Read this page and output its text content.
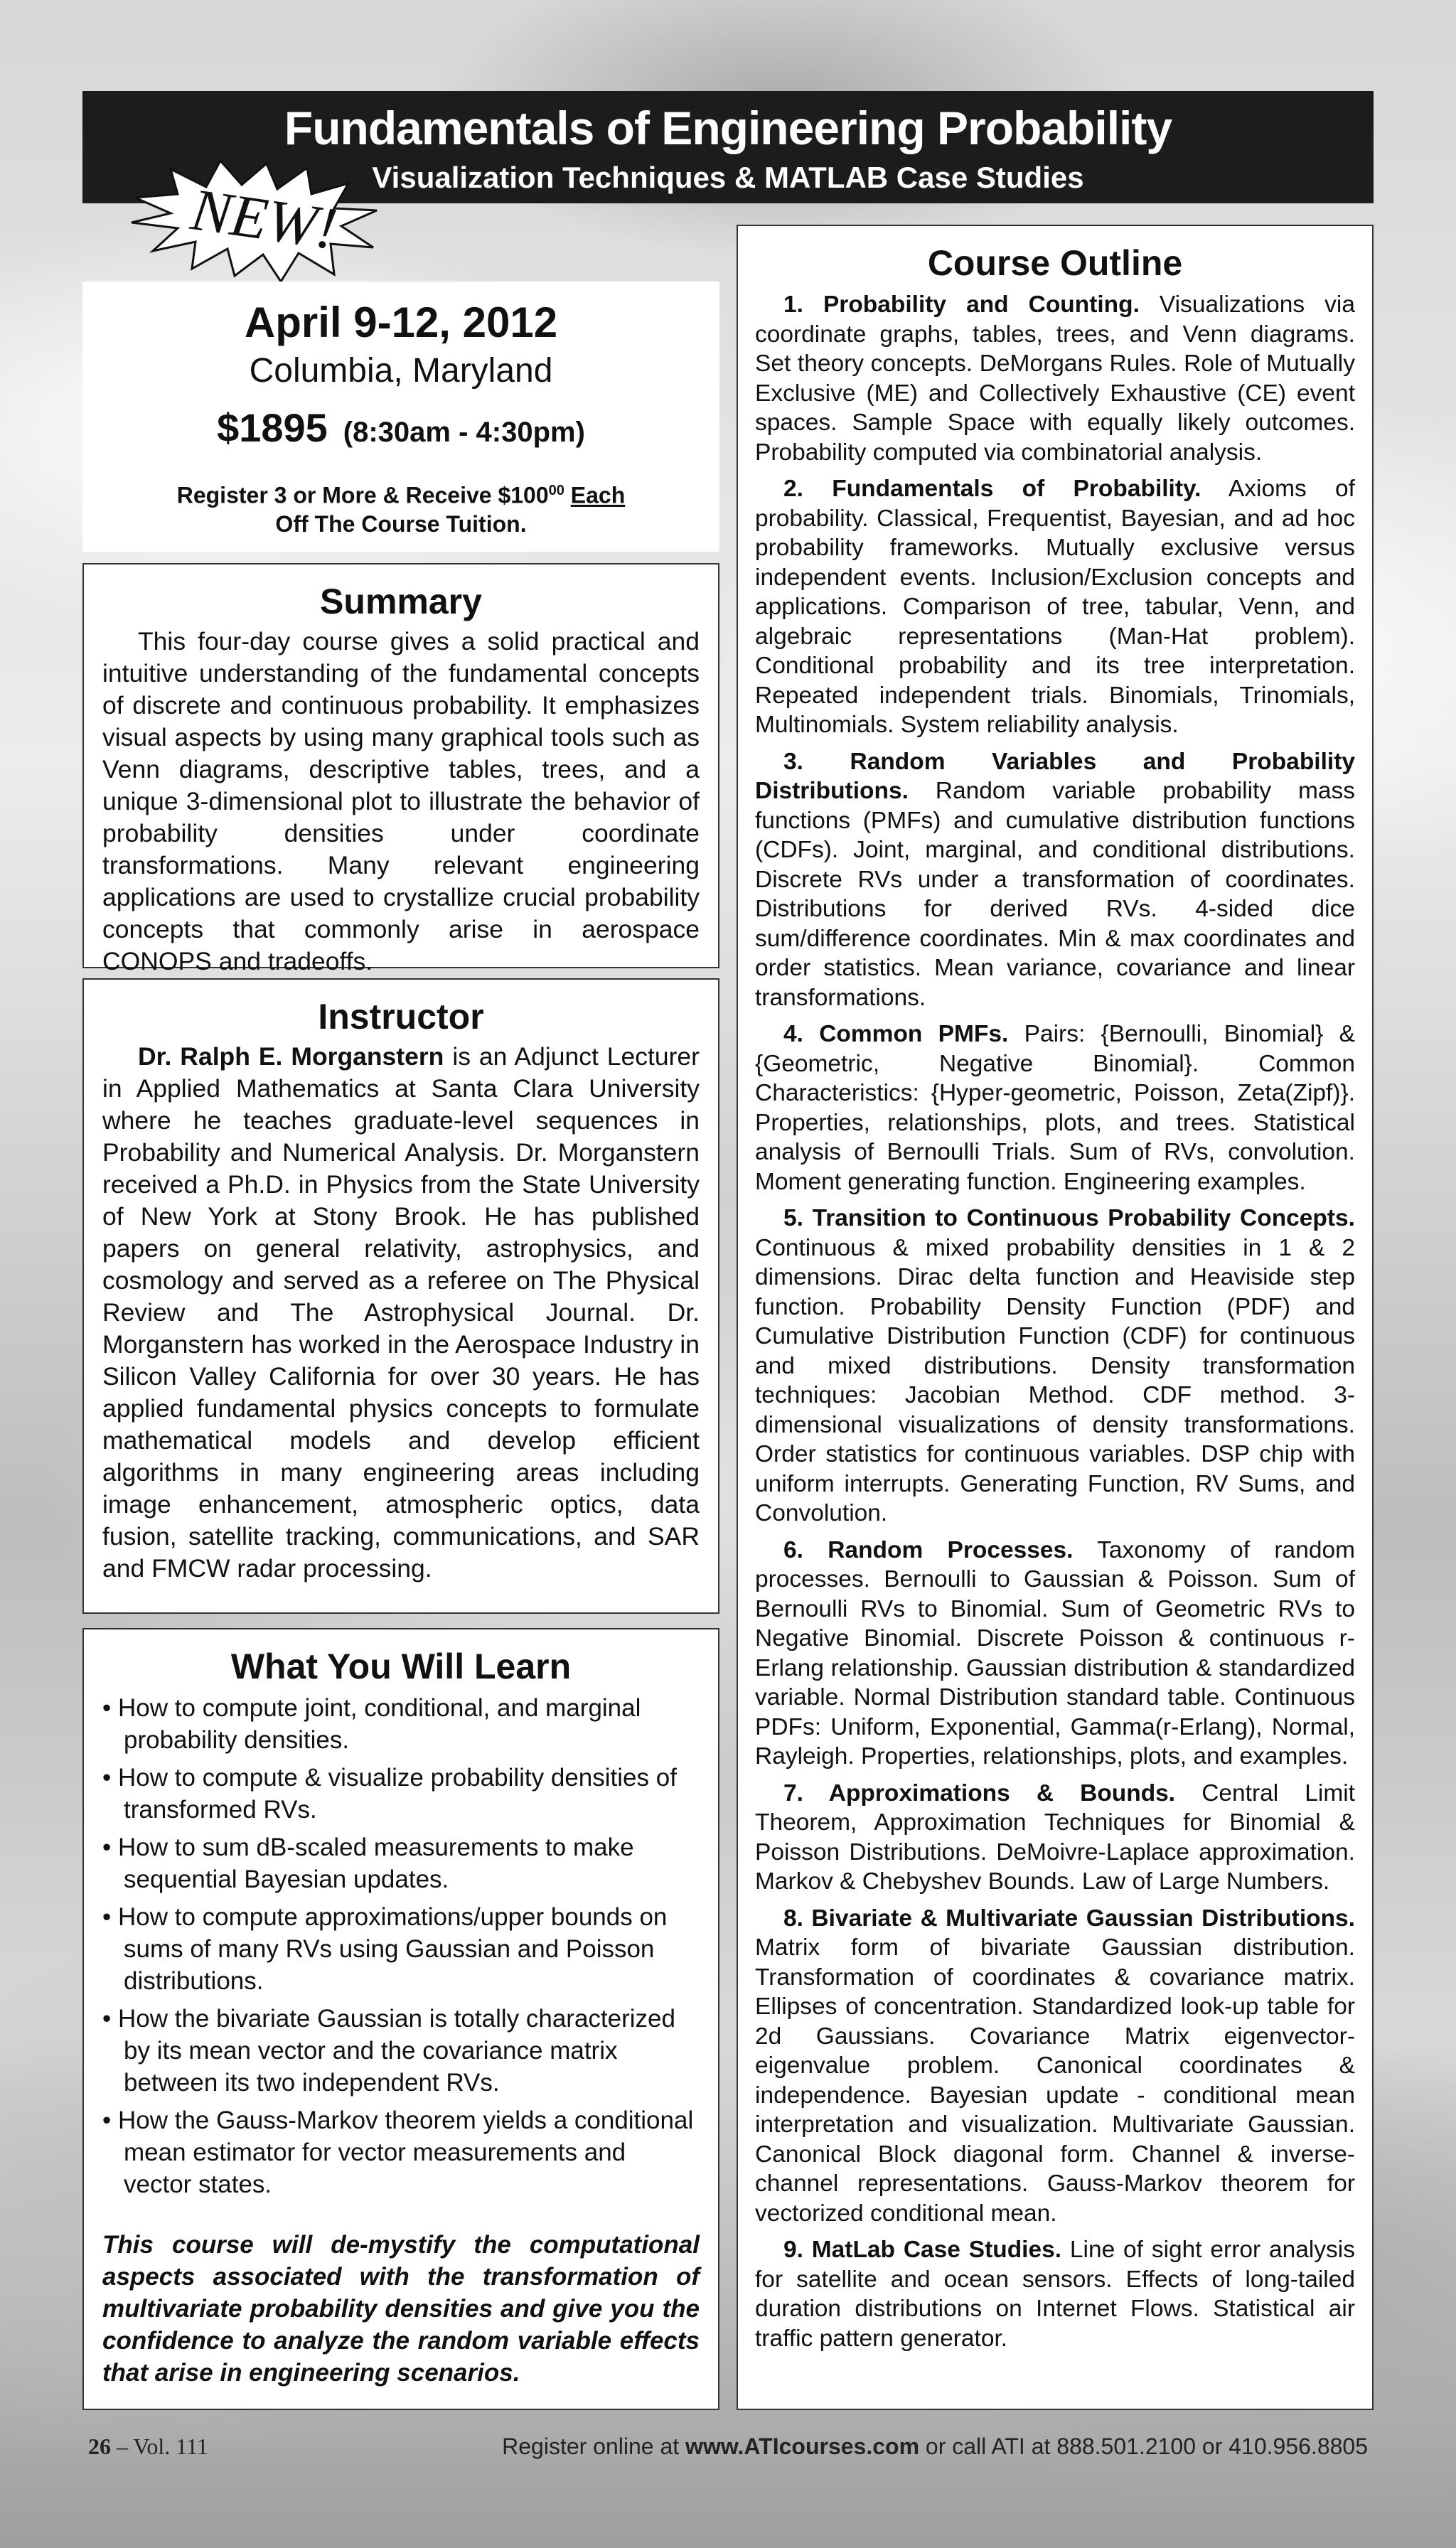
Fundamentals of Engineering Probability
Visualization Techniques & MATLAB Case Studies
NEW!
April 9-12, 2012
Columbia, Maryland
$1895 (8:30am - 4:30pm)
Register 3 or More & Receive $\$100^{00}$ Each
Off The Course Tuition.
Summary
This four-day course gives a solid practical and intuitive understanding of the fundamental concepts of discrete and continuous probability. It emphasizes visual aspects by using many graphical tools such as Venn diagrams, descriptive tables, trees, and a unique 3-dimensional plot to illustrate the behavior of probability densities under coordinate transformations. Many relevant engineering applications are used to crystallize crucial probability concepts that commonly arise in aerospace CONOPS and tradeoffs.
Instructor
Dr. Ralph E. Morganstern is an Adjunct Lecturer in Applied Mathematics at Santa Clara University where he teaches graduate-level sequences in Probability and Numerical Analysis. Dr. Morganstern received a Ph.D. in Physics from the State University of New York at Stony Brook. He has published papers on general relativity, astrophysics, and cosmology and served as a referee on The Physical Review and The Astrophysical Journal. Dr. Morganstern has worked in the Aerospace Industry in Silicon Valley California for over 30 years. He has applied fundamental physics concepts to formulate mathematical models and develop efficient algorithms in many engineering areas including image enhancement, atmospheric optics, data fusion, satellite tracking, communications, and SAR and FMCW radar processing.
What You Will Learn
• How to compute joint, conditional, and marginal probability densities.
• How to compute & visualize probability densities of transformed RVs.
• How to sum dB-scaled measurements to make sequential Bayesian updates.
• How to compute approximations/upper bounds on sums of many RVs using Gaussian and Poisson distributions.
• How the bivariate Gaussian is totally characterized by its mean vector and the covariance matrix between its two independent RVs.
• How the Gauss-Markov theorem yields a conditional mean estimator for vector measurements and vector states.
This course will de-mystify the computational aspects associated with the transformation of multivariate probability densities and give you the confidence to analyze the random variable effects that arise in engineering scenarios.
Course Outline
1. Probability and Counting. Visualizations via coordinate graphs, tables, trees, and Venn diagrams. Set theory concepts. DeMorgans Rules. Role of Mutually Exclusive (ME) and Collectively Exhaustive (CE) event spaces. Sample Space with equally likely outcomes. Probability computed via combinatorial analysis.
2. Fundamentals of Probability. Axioms of probability. Classical, Frequentist, Bayesian, and ad hoc probability frameworks. Mutually exclusive versus independent events. Inclusion/Exclusion concepts and applications. Comparison of tree, tabular, Venn, and algebraic representations (Man-Hat problem). Conditional probability and its tree interpretation. Repeated independent trials. Binomials, Trinomials, Multinomials. System reliability analysis.
3. Random Variables and Probability Distributions. Random variable probability mass functions (PMFs) and cumulative distribution functions (CDFs). Joint, marginal, and conditional distributions. Discrete RVs under a transformation of coordinates. Distributions for derived RVs. 4-sided dice sum/difference coordinates. Min & max coordinates and order statistics. Mean variance, covariance and linear transformations.
4. Common PMFs. Pairs: {Bernoulli, Binomial} & {Geometric, Negative Binomial}. Common Characteristics: {Hyper-geometric, Poisson, Zeta(Zipf)}. Properties, relationships, plots, and trees. Statistical analysis of Bernoulli Trials. Sum of RVs, convolution. Moment generating function. Engineering examples.
5. Transition to Continuous Probability Concepts. Continuous & mixed probability densities in 1 & 2 dimensions. Dirac delta function and Heaviside step function. Probability Density Function (PDF) and Cumulative Distribution Function (CDF) for continuous and mixed distributions. Density transformation techniques: Jacobian Method. CDF method. 3-dimensional visualizations of density transformations. Order statistics for continuous variables. DSP chip with uniform interrupts. Generating Function, RV Sums, and Convolution.
6. Random Processes. Taxonomy of random processes. Bernoulli to Gaussian & Poisson. Sum of Bernoulli RVs to Binomial. Sum of Geometric RVs to Negative Binomial. Discrete Poisson & continuous r-Erlang relationship. Gaussian distribution & standardized variable. Normal Distribution standard table. Continuous PDFs: Uniform, Exponential, Gamma(r-Erlang), Normal, Rayleigh. Properties, relationships, plots, and examples.
7. Approximations & Bounds. Central Limit Theorem, Approximation Techniques for Binomial & Poisson Distributions. DeMoivre-Laplace approximation. Markov & Chebyshev Bounds. Law of Large Numbers.
8. Bivariate & Multivariate Gaussian Distributions. Matrix form of bivariate Gaussian distribution. Transformation of coordinates & covariance matrix. Ellipses of concentration. Standardized look-up table for 2d Gaussians. Covariance Matrix eigenvector-eigenvalue problem. Canonical coordinates & independence. Bayesian update - conditional mean interpretation and visualization. Multivariate Gaussian. Canonical Block diagonal form. Channel & inverse-channel representations. Gauss-Markov theorem for vectorized conditional mean.
9. MatLab Case Studies. Line of sight error analysis for satellite and ocean sensors. Effects of long-tailed duration distributions on Internet Flows. Statistical air traffic pattern generator.
26 – Vol. 111	Register online at www.ATIcourses.com or call ATI at 888.501.2100 or 410.956.8805
